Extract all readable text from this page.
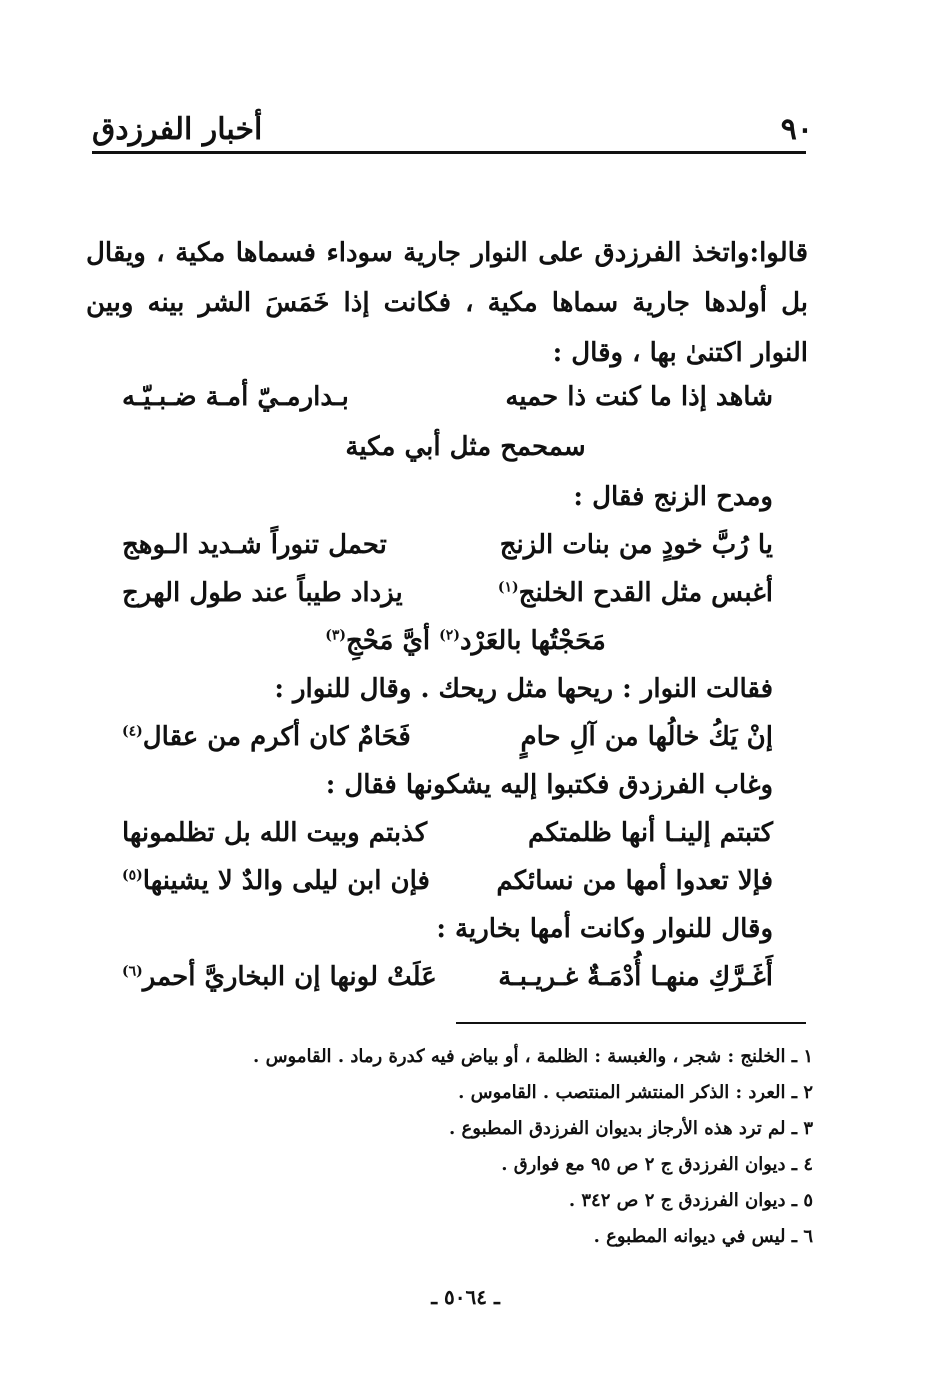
٩٠
أخبار الفرزدق
قالوا:واتخذ الفرزدق على النوار جارية سوداء فسماها مكية ، ويقال بل أولدها جارية سماها مكية ، فكانت إذا خَمَسَ الشر بينه وبين النوار اكتنىٰ بها ، وقال :
شاهد إذا ما كنت ذا حميه
بـدارمـيّ أمـة ضـبـيّـه
سمحمح مثل أبي مكية
ومدح الزنج فقال :
يا رُبَّ خودٍ من بنات الزنج
تحمل تنوراً شـديد الـوهج
أغبس مثل القدح الخلنج$^{(١)}$
يزداد طيباً عند طول الهرج
مَحَجْتُها بالعَرْد$^{(٢)}$ أيَّ مَحْجِ$^{(٣)}$
فقالت النوار : ريحها مثل ريحك . وقال للنوار :
إنْ يَكُ خالُها من آلِ حامٍ
فَحَامٌ كان أكرم من عقال$^{(٤)}$
وغاب الفرزدق فكتبوا إليه يشكونها فقال :
كتبتم إلينـا أنها ظلمتكم
كذبتم وبيت الله بل تظلمونها
فإلا تعدوا أمها من نسائكم
فإن ابن ليلى والدٌ لا يشينها$^{(٥)}$
وقال للنوار وكانت أمها بخارية :
أَغَـرَّكِ منهـا أُدْمَـةٌ غـريـبـة
عَلَتْ لونها إن البخاريَّ أحمر$^{(٦)}$
١ ـ الخلنج : شجر ، والغبسة : الظلمة ، أو بياض فيه كدرة رماد . القاموس .
٢ ـ العرد : الذكر المنتشر المنتصب . القاموس .
٣ ـ لم ترد هذه الأرجاز بديوان الفرزدق المطبوع .
٤ ـ ديوان الفرزدق ج ٢ ص ٩٥ مع فوارق .
٥ ـ ديوان الفرزدق ج ٢ ص ٣٤٢ .
٦ ـ ليس في ديوانه المطبوع .
ـ ٥٠٦٤ ـ
